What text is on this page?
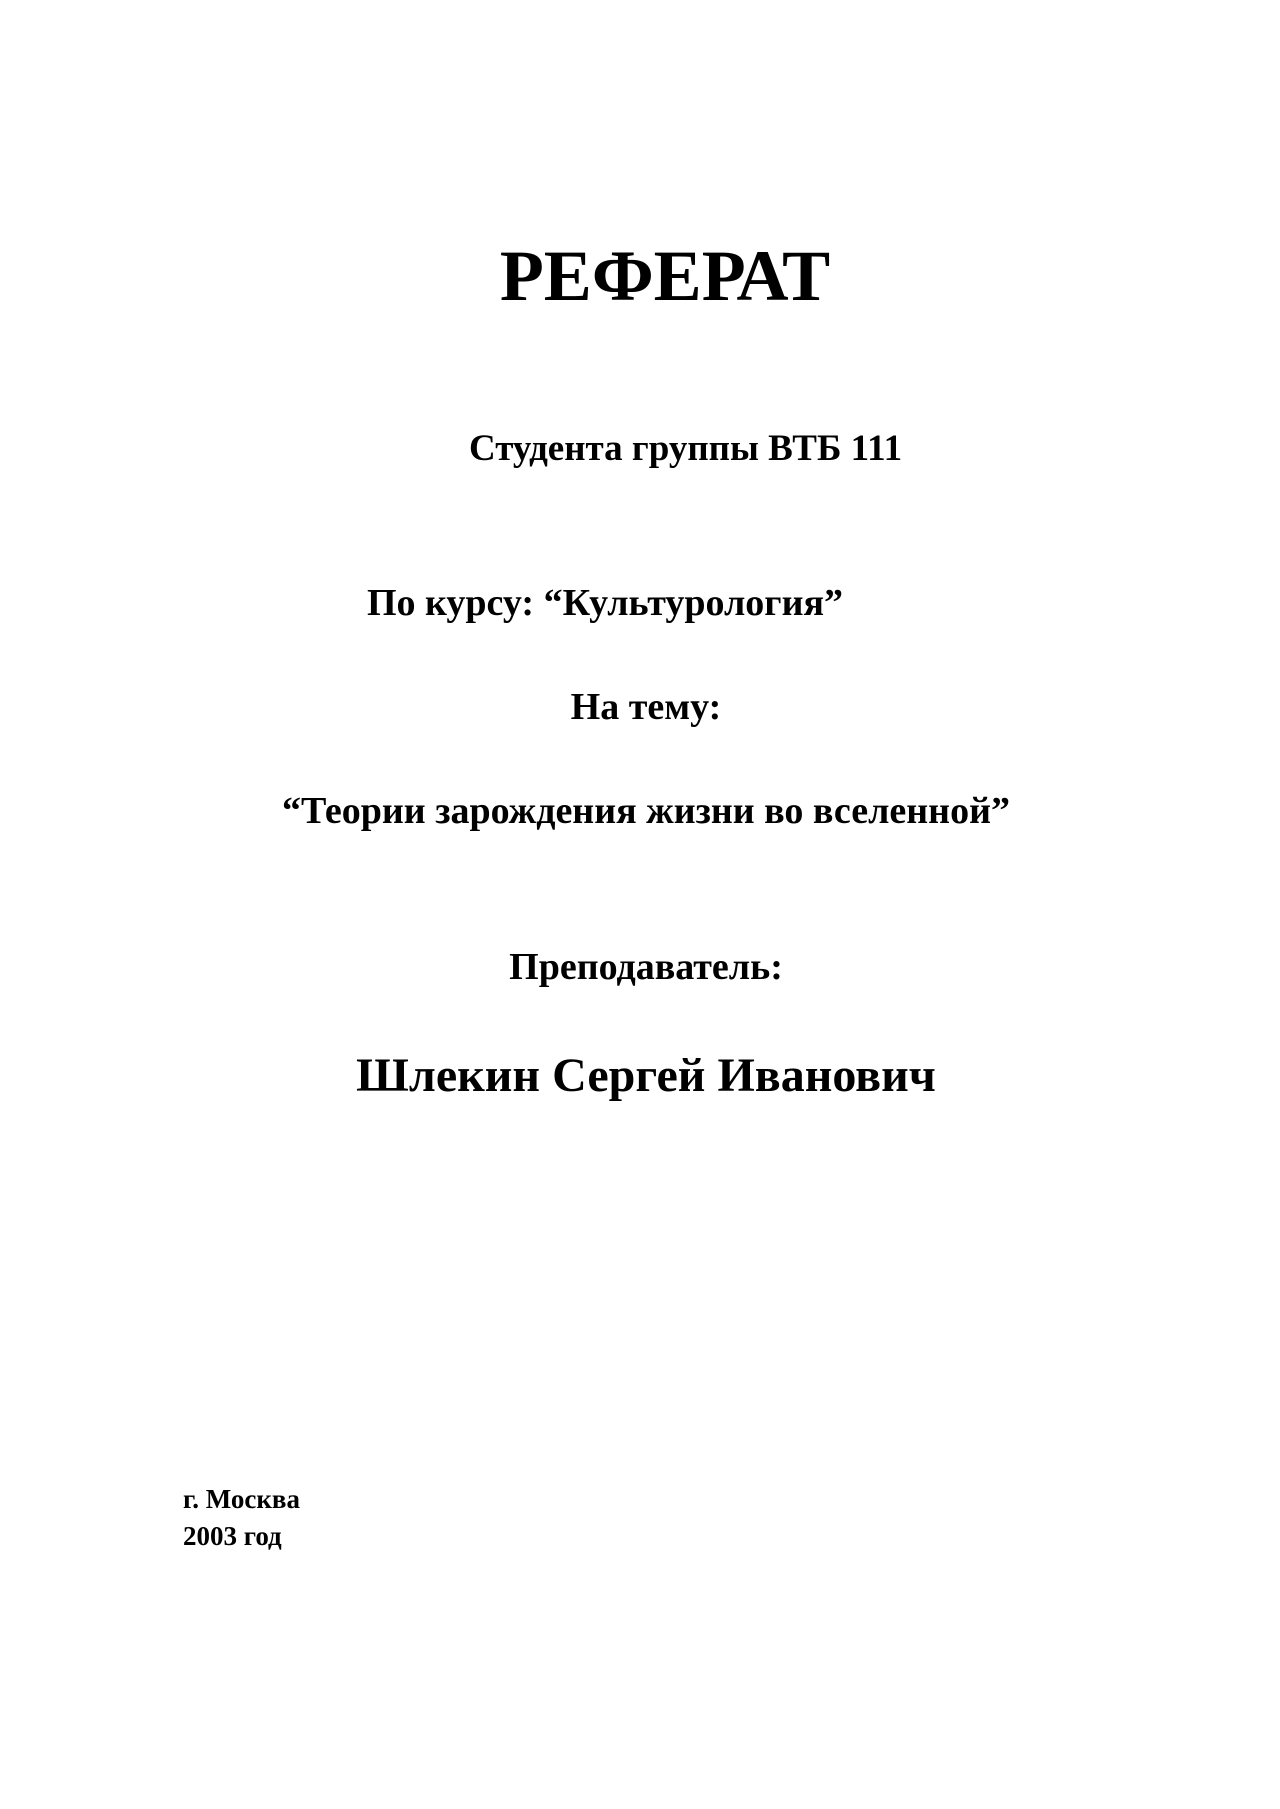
РЕФЕРАТ
Студента группы ВТБ 111
По курсу: “Культурология”
На тему:
“Теории зарождения жизни во вселенной”
Преподаватель:
Шлекин Сергей Иванович
г. Москва
2003 год
